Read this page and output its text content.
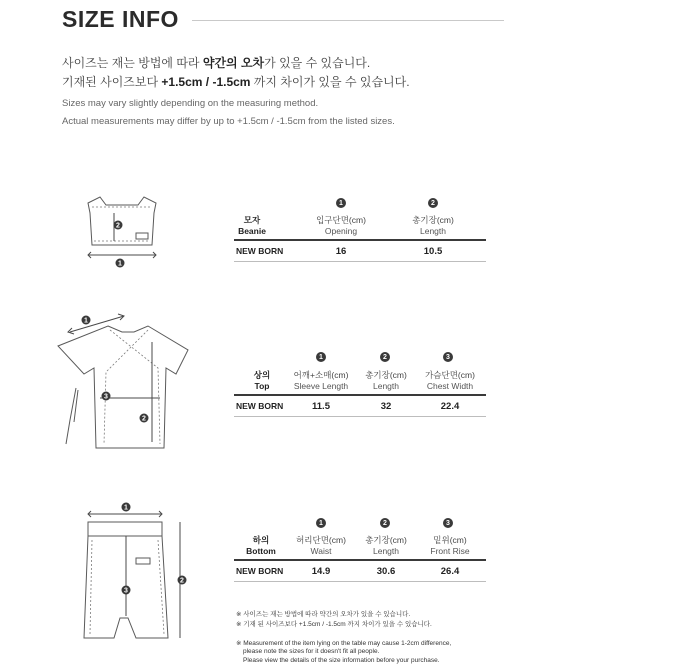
SIZE INFO
사이즈는 재는 방법에 따라 약간의 오차가 있을 수 있습니다.
기재된 사이즈보다 +1.5cm / -1.5cm 까지 차이가 있을 수 있습니다.
Sizes may vary slightly depending on the measuring method.
Actual measurements may differ by up to +1.5cm / -1.5cm from the listed sizes.
2
1
1	2
모자
Beanie
입구단면(cm)
Opening
총기장(cm)
Length
NEW BORN	16	10.5
1
2
3
1	2	3
상의
Top
어깨+소매(cm)
Sleeve Length
총기장(cm)
Length
가슴단면(cm)
Chest Width
NEW BORN	11.5	32	22.4
1
3
2
1	2	3
하의
Bottom
허리단면(cm)
Waist
총기장(cm)
Length
밑위(cm)
Front Rise
NEW BORN	14.9	30.6	26.4
※ 사이즈는 재는 방법에 따라 약간의 오차가 있을 수 있습니다.
※ 기재 된 사이즈보다 +1.5cm / -1.5cm 까지 차이가 있을 수 있습니다.
※ Measurement of the item lying on the table may cause 1-2cm difference,
please note the sizes for it doesn't fit all people.
Please view the details of the size information before your purchase.
